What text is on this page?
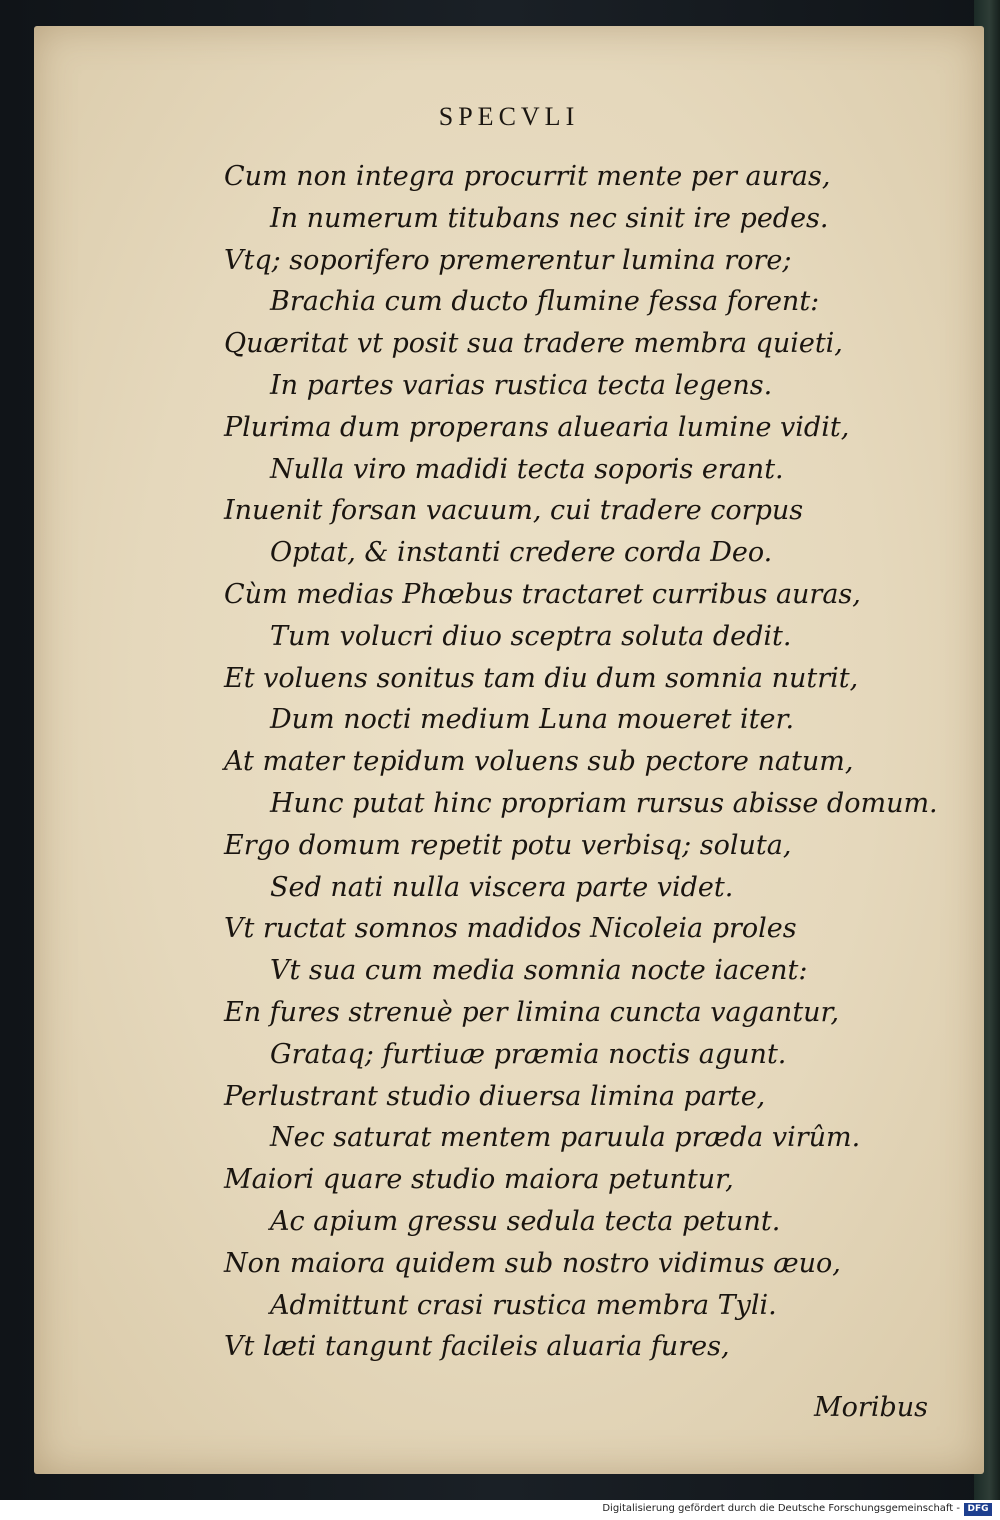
SPECVLI
Cum non integra procurrit mente per auras,
In numerum titubans nec sinit ire pedes.
Vtq; soporifero premerentur lumina rore;
Brachia cum ducto flumine fessa forent:
Quæritat vt posit sua tradere membra quieti,
In partes varias rustica tecta legens.
Plurima dum properans aluearia lumine vidit,
Nulla viro madidi tecta soporis erant.
Inuenit forsan vacuum, cui tradere corpus
Optat, & instanti credere corda Deo.
Cùm medias Phœbus tractaret curribus auras,
Tum volucri diuo sceptra soluta dedit.
Et voluens sonitus tam diu dum somnia nutrit,
Dum nocti medium Luna moueret iter.
At mater tepidum voluens sub pectore natum,
Hunc putat hinc propriam rursus abisse domum.
Ergo domum repetit potu verbisq; soluta,
Sed nati nulla viscera parte videt.
Vt ructat somnos madidos Nicoleia proles
Vt sua cum media somnia nocte iacent:
En fures strenuè per limina cuncta vagantur,
Grataq; furtiuæ præmia noctis agunt.
Perlustrant studio diuersa limina parte,
Nec saturat mentem paruula præda virûm.
Maiori quare studio maiora petuntur,
Ac apium gressu sedula tecta petunt.
Non maiora quidem sub nostro vidimus æuo,
Admittunt crasi rustica membra Tyli.
Vt læti tangunt facileis aluaria fures,
Moribus
Digitalisierung gefördert durch die Deutsche Forschungsgemeinschaft - DFG
